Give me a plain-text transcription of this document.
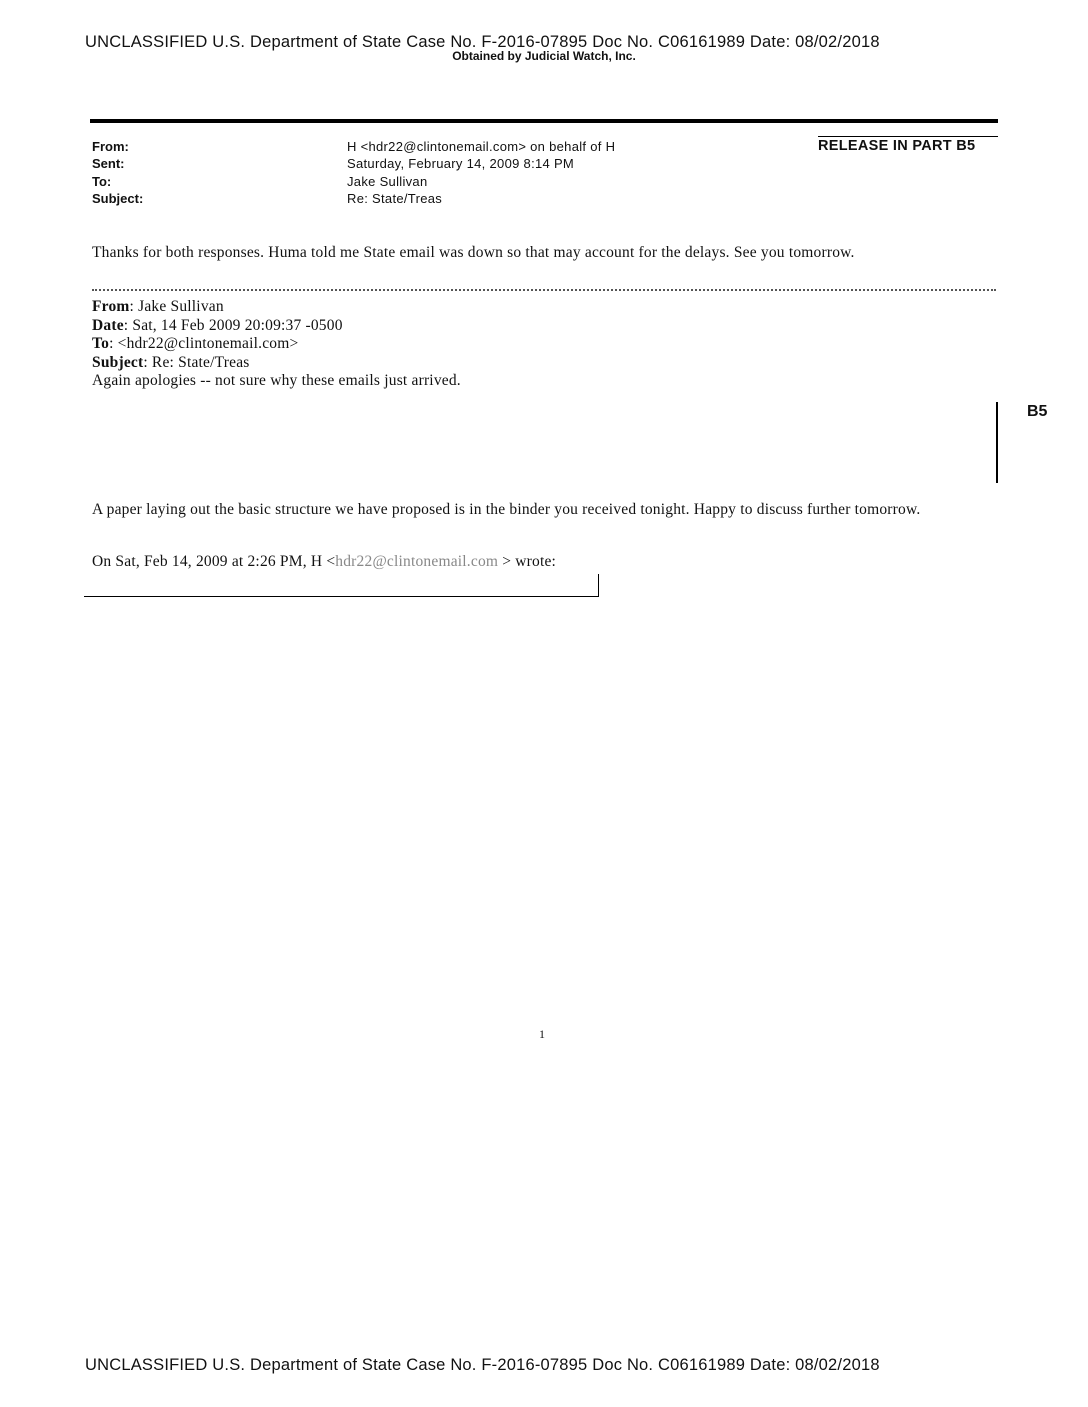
UNCLASSIFIED U.S. Department of State Case No. F-2016-07895 Doc No. C06161989 Date: 08/02/2018
Obtained by Judicial Watch, Inc.
RELEASE IN PART B5
From:	H <hdr22@clintonemail.com> on behalf of H
Sent:	Saturday, February 14, 2009 8:14 PM
To:	Jake Sullivan
Subject:	Re: State/Treas
Thanks for both responses. Huma told me State email was down so that may account for the delays. See you tomorrow.
From: Jake Sullivan
Date: Sat, 14 Feb 2009 20:09:37 -0500
To: <hdr22@clintonemail.com>
Subject: Re: State/Treas
Again apologies -- not sure why these emails just arrived.
B5
A paper laying out the basic structure we have proposed is in the binder you received tonight. Happy to discuss further tomorrow.
On Sat, Feb 14, 2009 at 2:26 PM, H <hdr22@clintonemail.com > wrote:
1
UNCLASSIFIED U.S. Department of State Case No. F-2016-07895 Doc No. C06161989 Date: 08/02/2018
